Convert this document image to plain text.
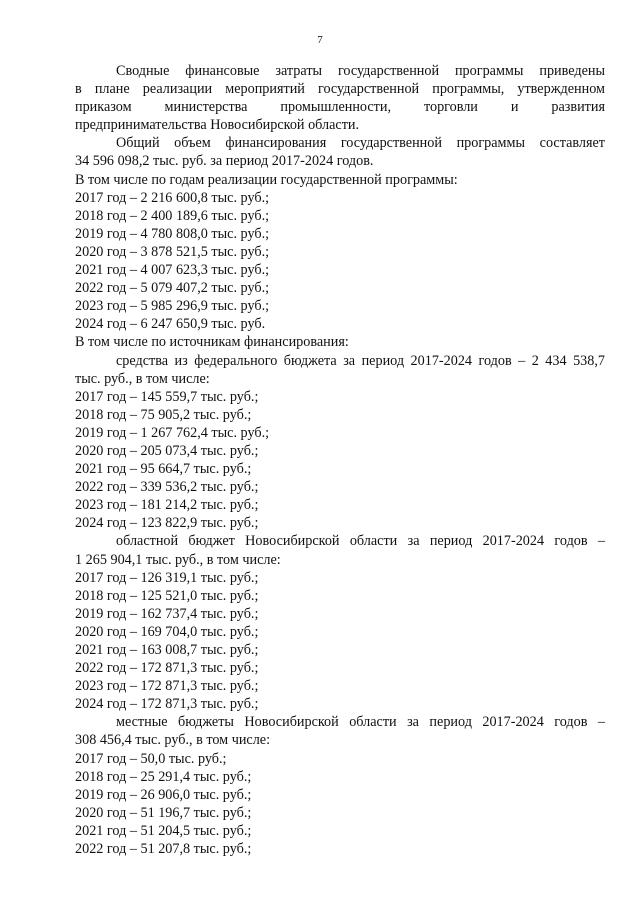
7

Сводные финансовые затраты государственной программы приведены

в плане реализации мероприятий государственной программы, утвержденном

приказом министерства промышленности, торговли и развития

предпринимательства Новосибирской области.

Общий объем финансирования государственной программы составляет

34 596 098,2 тыс. руб. за период 2017-2024 годов.

В том числе по годам реализации государственной программы:

2017 год – 2 216 600,8 тыс. руб.;

2018 год – 2 400 189,6 тыс. руб.;

2019 год – 4 780 808,0 тыс. руб.;

2020 год – 3 878 521,5 тыс. руб.;

2021 год – 4 007 623,3 тыс. руб.;

2022 год – 5 079 407,2 тыс. руб.;

2023 год – 5 985 296,9 тыс. руб.;

2024 год – 6 247 650,9 тыс. руб.

В том числе по источникам финансирования:

средства из федерального бюджета за период 2017-2024 годов – 2 434 538,7

тыс. руб., в том числе:

2017 год – 145 559,7 тыс. руб.;

2018 год – 75 905,2 тыс. руб.;

2019 год – 1 267 762,4 тыс. руб.;

2020 год – 205 073,4 тыс. руб.;

2021 год – 95 664,7 тыс. руб.;

2022 год – 339 536,2 тыс. руб.;

2023 год – 181 214,2 тыс. руб.;

2024 год – 123 822,9 тыс. руб.;

областной бюджет Новосибирской области за период 2017-2024 годов –

1 265 904,1 тыс. руб., в том числе:

2017 год – 126 319,1 тыс. руб.;

2018 год – 125 521,0 тыс. руб.;

2019 год – 162 737,4 тыс. руб.;

2020 год – 169 704,0 тыс. руб.;

2021 год – 163 008,7 тыс. руб.;

2022 год – 172 871,3 тыс. руб.;

2023 год – 172 871,3 тыс. руб.;

2024 год – 172 871,3 тыс. руб.;

местные бюджеты Новосибирской области за период 2017-2024 годов –

308 456,4 тыс. руб., в том числе:

2017 год – 50,0 тыс. руб.;

2018 год – 25 291,4 тыс. руб.;

2019 год – 26 906,0 тыс. руб.;

2020 год – 51 196,7 тыс. руб.;

2021 год – 51 204,5 тыс. руб.;

2022 год – 51 207,8 тыс. руб.;
